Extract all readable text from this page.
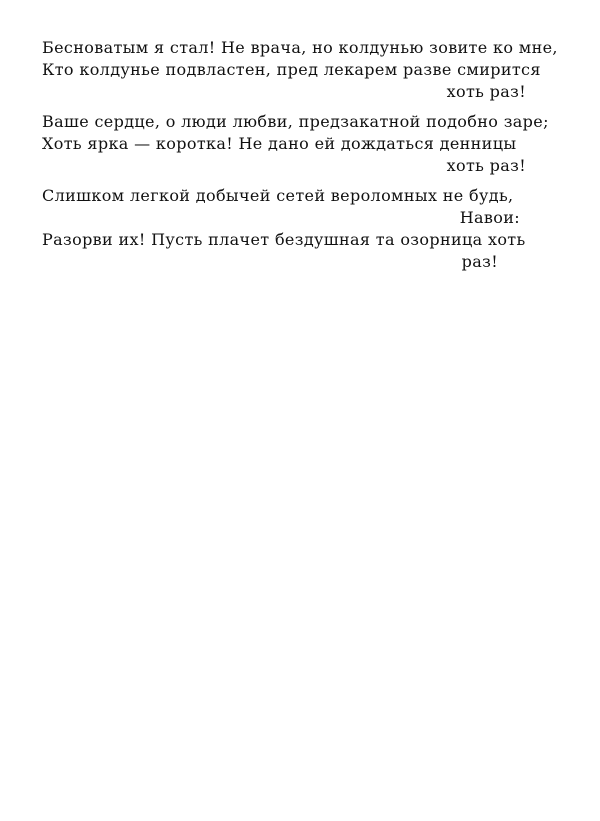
Бесноватым я стал! Не врача, но колдунью зовите ко мне,
Кто колдунье подвластен, пред лекарем разве смирится
хоть раз!
Ваше сердце, о люди любви, предзакатной подобно заре;
Хоть ярка — коротка! Не дано ей дождаться денницы
хоть раз!
Слишком легкой добычей сетей вероломных не будь,
Навои:
Разорви их! Пусть плачет бездушная та озорница хоть
раз!
